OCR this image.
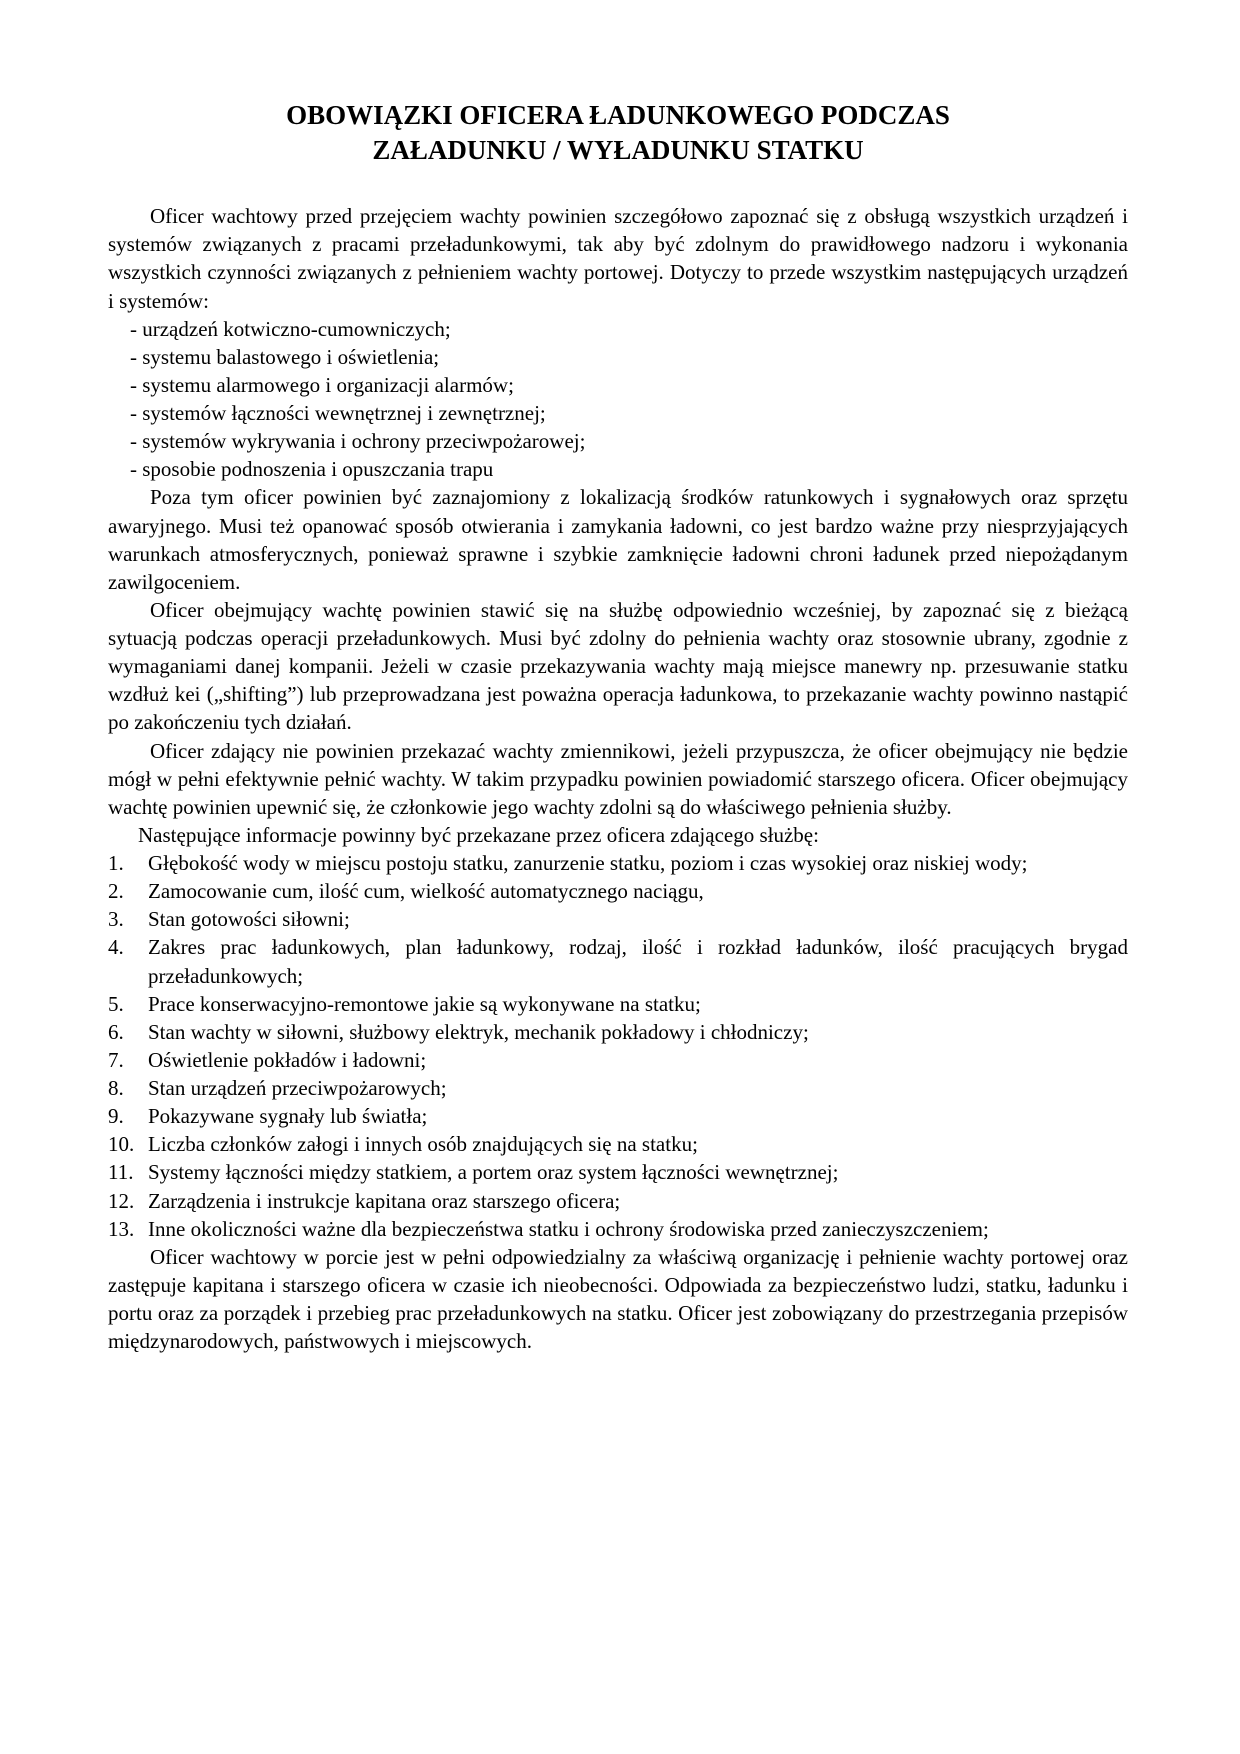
OBOWIĄZKI OFICERA ŁADUNKOWEGO PODCZAS
ZAŁADUNKU / WYŁADUNKU STATKU

Oficer wachtowy przed przejęciem wachty powinien szczegółowo zapoznać się z obsługą wszystkich urządzeń i systemów związanych z pracami przeładunkowymi, tak aby być zdolnym do prawidłowego nadzoru i wykonania wszystkich czynności związanych z pełnieniem wachty portowej. Dotyczy to przede wszystkim następujących urządzeń i systemów:

- urządzeń kotwiczno-cumowniczych;
- systemu balastowego i oświetlenia;
- systemu alarmowego i organizacji alarmów;
- systemów łączności wewnętrznej i zewnętrznej;
- systemów wykrywania i ochrony przeciwpożarowej;
- sposobie podnoszenia i opuszczania trapu

Poza tym oficer powinien być zaznajomiony z lokalizacją środków ratunkowych i sygnałowych oraz sprzętu awaryjnego. Musi też opanować sposób otwierania i zamykania ładowni, co jest bardzo ważne przy niesprzyjających warunkach atmosferycznych, ponieważ sprawne i szybkie zamknięcie ładowni chroni ładunek przed niepożądanym zawilgoceniem.

Oficer obejmujący wachtę powinien stawić się na służbę odpowiednio wcześniej, by zapoznać się z bieżącą sytuacją podczas operacji przeładunkowych. Musi być zdolny do pełnienia wachty oraz stosownie ubrany, zgodnie z wymaganiami danej kompanii. Jeżeli w czasie przekazywania wachty mają miejsce manewry np. przesuwanie statku wzdłuż kei („shifting”) lub przeprowadzana jest poważna operacja ładunkowa, to przekazanie wachty powinno nastąpić po zakończeniu tych działań.

Oficer zdający nie powinien przekazać wachty zmiennikowi, jeżeli przypuszcza, że oficer obejmujący nie będzie mógł w pełni efektywnie pełnić wachty. W takim przypadku powinien powiadomić starszego oficera. Oficer obejmujący wachtę powinien upewnić się, że członkowie jego wachty zdolni są do właściwego pełnienia służby.

Następujące informacje powinny być przekazane przez oficera zdającego służbę:

1.	Głębokość wody w miejscu postoju statku, zanurzenie statku, poziom i czas wysokiej oraz niskiej wody;
2.	Zamocowanie cum, ilość cum, wielkość automatycznego naciągu,
3.	Stan gotowości siłowni;
4.	Zakres prac ładunkowych, plan ładunkowy, rodzaj, ilość i rozkład ładunków, ilość pracujących brygad przeładunkowych;
5.	Prace konserwacyjno-remontowe jakie są wykonywane na statku;
6.	Stan wachty w siłowni, służbowy elektryk, mechanik pokładowy i chłodniczy;
7.	Oświetlenie pokładów i ładowni;
8.	Stan urządzeń przeciwpożarowych;
9.	Pokazywane sygnały lub światła;
10. Liczba członków załogi i innych osób znajdujących się na statku;
11. Systemy łączności między statkiem, a portem oraz system łączności wewnętrznej;
12. Zarządzenia i instrukcje kapitana oraz starszego oficera;
13. Inne okoliczności ważne dla bezpieczeństwa statku i ochrony środowiska przed zanieczyszczeniem;

Oficer wachtowy w porcie jest w pełni odpowiedzialny za właściwą organizację i pełnienie wachty portowej oraz zastępuje kapitana i starszego oficera w czasie ich nieobecności. Odpowiada za bezpieczeństwo ludzi, statku, ładunku i portu oraz za porządek i przebieg prac przeładunkowych na statku. Oficer jest zobowiązany do przestrzegania przepisów międzynarodowych, państwowych i miejscowych.
